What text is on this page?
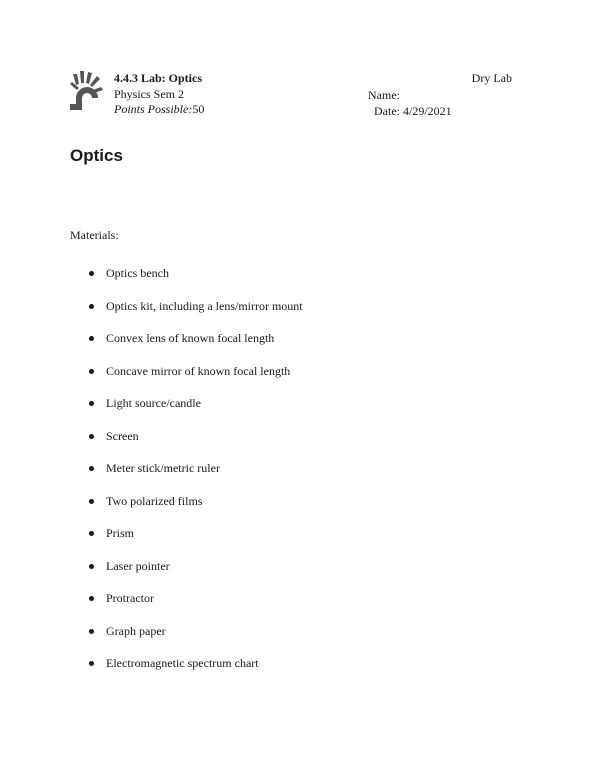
4.4.3 Lab: Optics
Physics Sem 2
Points Possible:50
Dry Lab
Name:
Date: 4/29/2021
Optics
Materials:
Optics bench
Optics kit, including a lens/mirror mount
Convex lens of known focal length
Concave mirror of known focal length
Light source/candle
Screen
Meter stick/metric ruler
Two polarized films
Prism
Laser pointer
Protractor
Graph paper
Electromagnetic spectrum chart
